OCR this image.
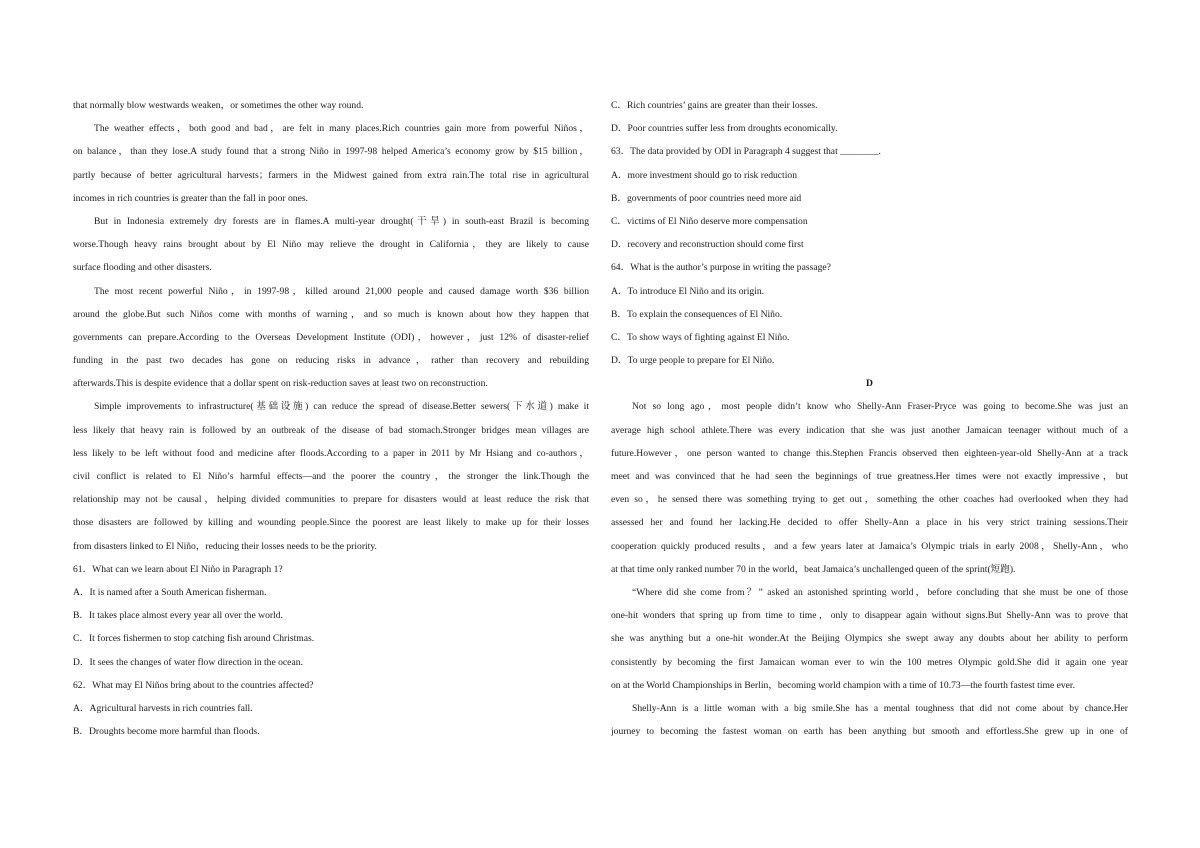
that normally blow westwards weaken，or sometimes the other way round.
The weather effects，both good and bad，are felt in many places.Rich countries gain more from powerful Niños，
on balance，than they lose.A study found that a strong Niño in 1997-98 helped America’s economy grow by $15 billion，
partly because of better agricultural harvests；farmers in the Midwest gained from extra rain.The total rise in agricultural
incomes in rich countries is greater than the fall in poor ones.
But in Indonesia extremely dry forests are in flames.A multi-year drought(干旱) in south-east Brazil is becoming
worse.Though heavy rains brought about by El Niño may relieve the drought in California，they are likely to cause
surface flooding and other disasters.
The most recent powerful Niño，in 1997-98，killed around 21,000 people and caused damage worth $36 billion
around the globe.But such Niños come with months of warning，and so much is known about how they happen that
governments can prepare.According to the Overseas Development Institute (ODI)，however，just 12% of disaster-relief
funding in the past two decades has gone on reducing risks in advance，rather than recovery and rebuilding
afterwards.This is despite evidence that a dollar spent on risk-reduction saves at least two on reconstruction.
Simple improvements to infrastructure(基础设施) can reduce the spread of disease.Better sewers(下水道) make it
less likely that heavy rain is followed by an outbreak of the disease of bad stomach.Stronger bridges mean villages are
less likely to be left without food and medicine after floods.According to a paper in 2011 by Mr Hsiang and co-authors，
civil conflict is related to El Niño’s harmful effects—and the poorer the country，the stronger the link.Though the
relationship may not be causal，helping divided communities to prepare for disasters would at least reduce the risk that
those disasters are followed by killing and wounding people.Since the poorest are least likely to make up for their losses
from disasters linked to El Niño，reducing their losses needs to be the priority.
61．What can we learn about El Niño in Paragraph 1?
A．It is named after a South American fisherman.
B．It takes place almost every year all over the world.
C．It forces fishermen to stop catching fish around Christmas.
D．It sees the changes of water flow direction in the ocean.
62．What may El Niños bring about to the countries affected?
A．Agricultural harvests in rich countries fall.
B．Droughts become more harmful than floods.
C．Rich countries’ gains are greater than their losses.
D．Poor countries suffer less from droughts economically.
63．The data provided by ODI in Paragraph 4 suggest that ________.
A．more investment should go to risk reduction
B．governments of poor countries need more aid
C．victims of El Niño deserve more compensation
D．recovery and reconstruction should come first
64．What is the author’s purpose in writing the passage?
A．To introduce El Niño and its origin.
B．To explain the consequences of El Niño.
C．To show ways of fighting against El Niño.
D．To urge people to prepare for El Niño.
D
Not so long ago，most people didn’t know who Shelly-Ann Fraser-Pryce was going to become.She was just an
average high school athlete.There was every indication that she was just another Jamaican teenager without much of a
future.However，one person wanted to change this.Stephen Francis observed then eighteen-year-old Shelly-Ann at a track
meet and was convinced that he had seen the beginnings of true greatness.Her times were not exactly impressive，but
even so，he sensed there was something trying to get out，something the other coaches had overlooked when they had
assessed her and found her lacking.He decided to offer Shelly-Ann a place in his very strict training sessions.Their
cooperation quickly produced results，and a few years later at Jamaica’s Olympic trials in early 2008，Shelly-Ann，who
at that time only ranked number 70 in the world，beat Jamaica’s unchallenged queen of the sprint(短跑).
“Where did she come from？” asked an astonished sprinting world，before concluding that she must be one of those
one-hit wonders that spring up from time to time，only to disappear again without signs.But Shelly-Ann was to prove that
she was anything but a one-hit wonder.At the Beijing Olympics she swept away any doubts about her ability to perform
consistently by becoming the first Jamaican woman ever to win the 100 metres Olympic gold.She did it again one year
on at the World Championships in Berlin，becoming world champion with a time of 10.73—the fourth fastest time ever.
Shelly-Ann is a little woman with a big smile.She has a mental toughness that did not come about by chance.Her
journey to becoming the fastest woman on earth has been anything but smooth and effortless.She grew up in one of
